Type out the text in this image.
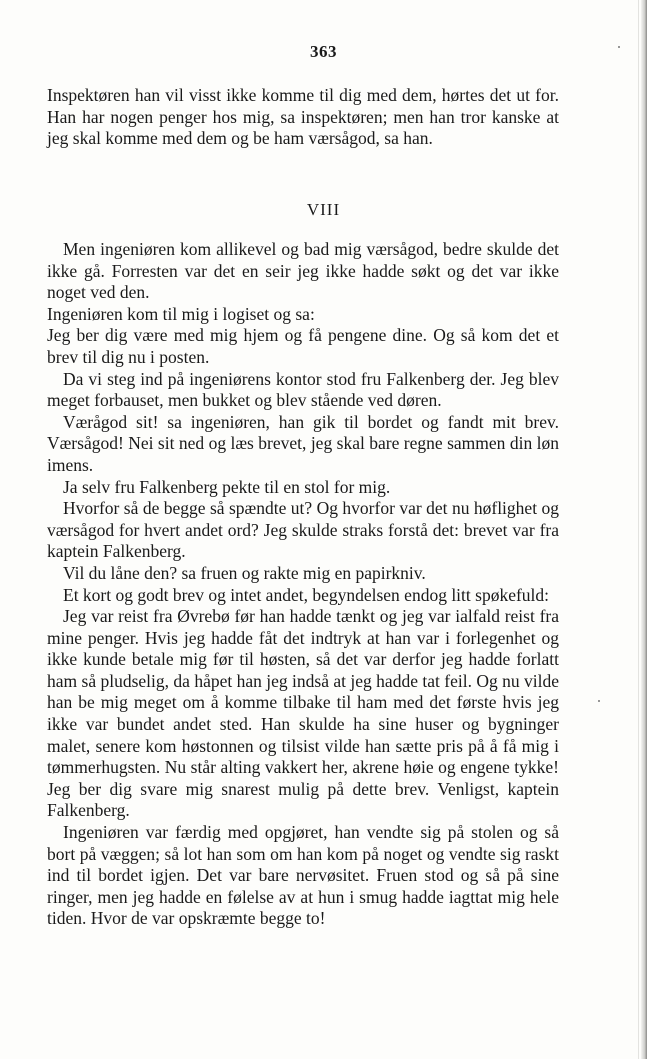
363

Inspektøren han vil visst ikke komme til dig med dem, hørtes det ut for. Han har nogen penger hos mig, sa inspektøren; men han tror kanske at jeg skal komme med dem og be ham værsågod, sa han.

VIII

Men ingeniøren kom allikevel og bad mig værsågod, bedre skulde det ikke gå. Forresten var det en seir jeg ikke hadde søkt og det var ikke noget ved den.

Ingeniøren kom til mig i logiset og sa:

Jeg ber dig være med mig hjem og få pengene dine. Og så kom det et brev til dig nu i posten.

Da vi steg ind på ingeniørens kontor stod fru Falkenberg der. Jeg blev meget forbauset, men bukket og blev stående ved døren.

Værågod sit! sa ingeniøren, han gik til bordet og fandt mit brev. Værsågod! Nei sit ned og læs brevet, jeg skal bare regne sammen din løn imens.

Ja selv fru Falkenberg pekte til en stol for mig.

Hvorfor så de begge så spændte ut? Og hvorfor var det nu høflighet og værsågod for hvert andet ord? Jeg skulde straks forstå det: brevet var fra kaptein Falkenberg.

Vil du låne den? sa fruen og rakte mig en papirkniv.

Et kort og godt brev og intet andet, begyndelsen endog litt spøkefuld:

Jeg var reist fra Øvrebø før han hadde tænkt og jeg var ialfald reist fra mine penger. Hvis jeg hadde fåt det indtryk at han var i forlegenhet og ikke kunde betale mig før til høsten, så det var derfor jeg hadde forlatt ham så pludselig, da håpet han jeg indså at jeg hadde tat feil. Og nu vilde han be mig meget om å komme tilbake til ham med det første hvis jeg ikke var bundet andet sted. Han skulde ha sine huser og bygninger malet, senere kom høstonnen og tilsist vilde han sætte pris på å få mig i tømmerhugsten. Nu står alting vakkert her, akrene høie og engene tykke! Jeg ber dig svare mig snarest mulig på dette brev. Venligst, kaptein Falkenberg.

Ingeniøren var færdig med opgjøret, han vendte sig på stolen og så bort på væggen; så lot han som om han kom på noget og vendte sig raskt ind til bordet igjen. Det var bare nervøsitet. Fruen stod og så på sine ringer, men jeg hadde en følelse av at hun i smug hadde iagttat mig hele tiden. Hvor de var opskræmte begge to!
